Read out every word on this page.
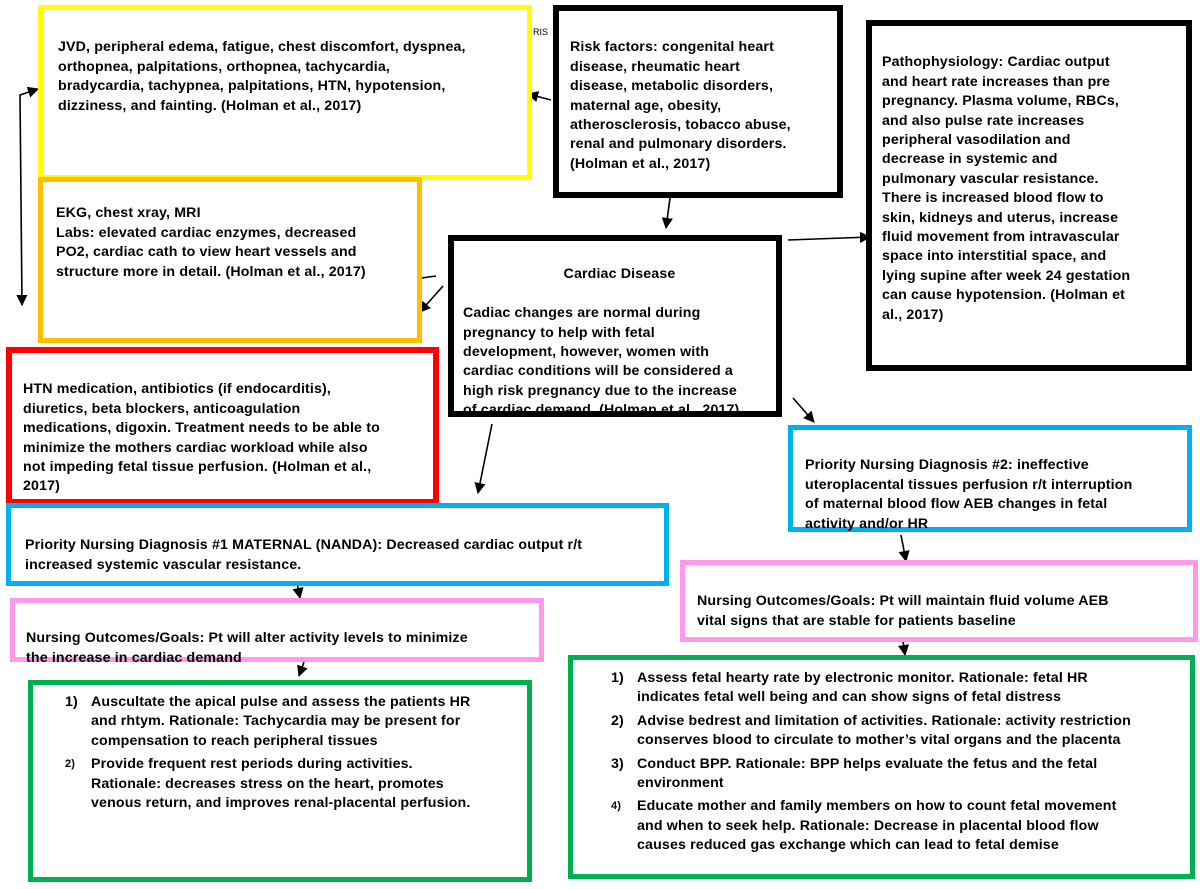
RIS

JVD, peripheral edema, fatigue, chest discomfort, dyspnea,
orthopnea, palpitations, orthopnea, tachycardia,
bradycardia, tachypnea, palpitations, HTN, hypotension,
dizziness, and fainting. (Holman et al., 2017)

Risk factors: congenital heart
disease, rheumatic heart
disease, metabolic disorders,
maternal age, obesity,
atherosclerosis, tobacco abuse,
renal and pulmonary disorders.
(Holman et al., 2017)

Pathophysiology: Cardiac output
and heart rate increases than pre
pregnancy. Plasma volume, RBCs,
and also pulse rate increases
peripheral vasodilation and
decrease in systemic and
pulmonary vascular resistance.
There is increased blood flow to
skin, kidneys and uterus, increase
fluid movement from intravascular
space into interstitial space, and
lying supine after week 24 gestation
can cause hypotension. (Holman et
al., 2017)

EKG, chest xray, MRI
Labs: elevated cardiac enzymes, decreased
PO2, cardiac cath to view heart vessels and
structure more in detail. (Holman et al., 2017)	Cardiac Disease

Cadiac changes are normal during
pregnancy to help with fetal
development, however, women with
cardiac conditions will be considered a
high risk pregnancy due to the increase
of cardiac demand. (Holman et al., 2017)

HTN medication, antibiotics (if endocarditis),
diuretics, beta blockers, anticoagulation
medications, digoxin. Treatment needs to be able to
minimize the mothers cardiac workload while also
not impeding fetal tissue perfusion. (Holman et al.,
2017)

Priority Nursing Diagnosis #1 MATERNAL (NANDA): Decreased cardiac output r/t
increased systemic vascular resistance.

Priority Nursing Diagnosis #2: ineffective
uteroplacental tissues perfusion r/t interruption
of maternal blood flow AEB changes in fetal
activity and/or HR

Nursing Outcomes/Goals: Pt will alter activity levels to minimize
the increase in cardiac demand

Nursing Outcomes/Goals: Pt will maintain fluid volume AEB
vital signs that are stable for patients baseline

1) Auscultate the apical pulse and assess the patients HR
and rhtym. Rationale: Tachycardia may be present for
compensation to reach peripheral tissues
2)	Provide frequent rest periods during activities.
Rationale: decreases stress on the heart, promotes
venous return, and improves renal-placental perfusion.
1) Assess fetal hearty rate by electronic monitor. Rationale: fetal HR
indicates fetal well being and can show signs of fetal distress
2) Advise bedrest and limitation of activities. Rationale: activity restriction
conserves blood to circulate to mother’s vital organs and the placenta
3) Conduct BPP. Rationale: BPP helps evaluate the fetus and the fetal
environment
4)	Educate mother and family members on how to count fetal movement
and when to seek help. Rationale: Decrease in placental blood flow
causes reduced gas exchange which can lead to fetal demise
